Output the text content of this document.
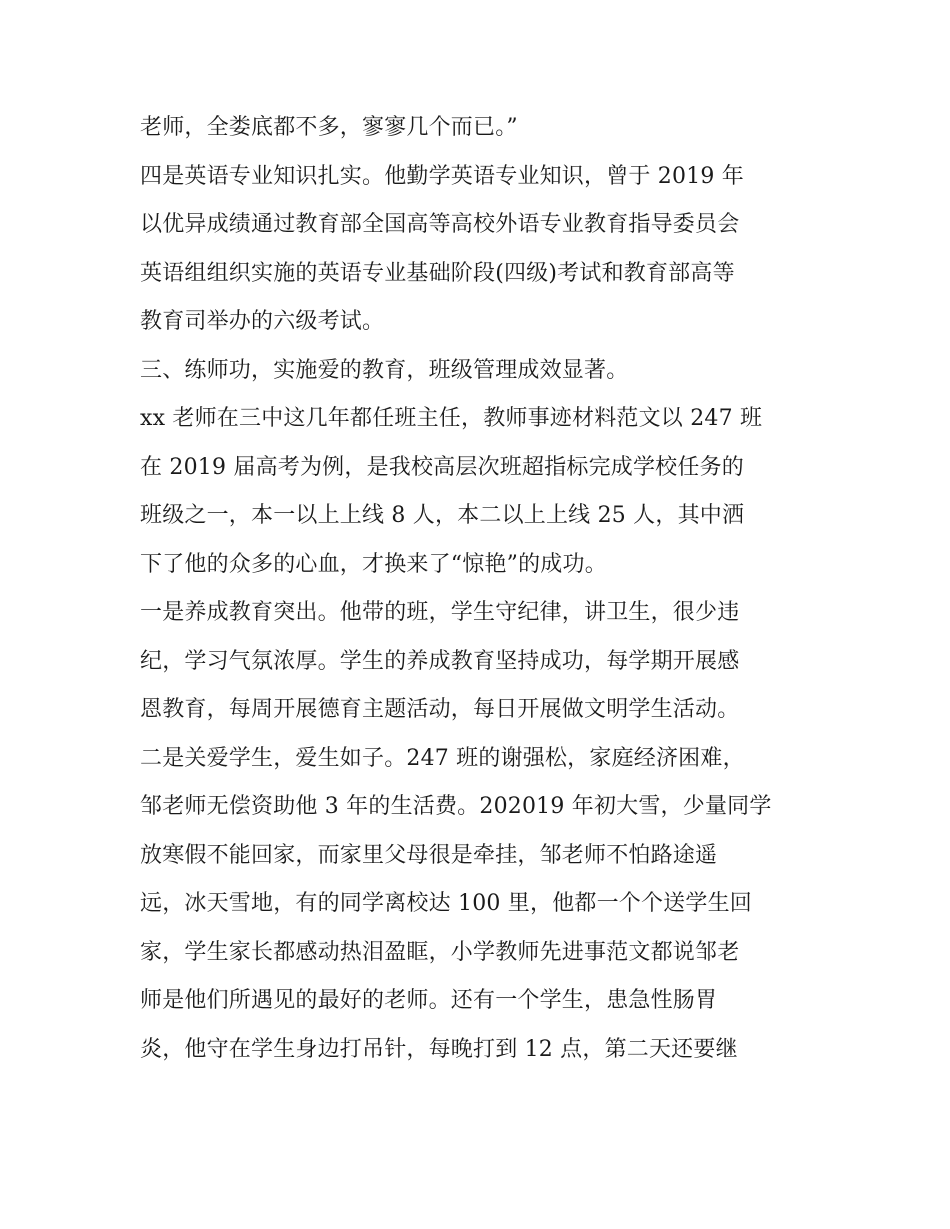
老师，全娄底都不多，寥寥几个而已。”
四是英语专业知识扎实。他勤学英语专业知识，曾于 2019 年
以优异成绩通过教育部全国高等高校外语专业教育指导委员会
英语组组织实施的英语专业基础阶段(四级)考试和教育部高等
教育司举办的六级考试。
三、练师功，实施爱的教育，班级管理成效显著。
xx 老师在三中这几年都任班主任，教师事迹材料范文以 247 班
在 2019 届高考为例，是我校高层次班超指标完成学校任务的
班级之一，本一以上上线 8 人，本二以上上线 25 人，其中洒
下了他的众多的心血，才换来了“惊艳”的成功。
一是养成教育突出。他带的班，学生守纪律，讲卫生，很少违
纪，学习气氛浓厚。学生的养成教育坚持成功，每学期开展感
恩教育，每周开展德育主题活动，每日开展做文明学生活动。
二是关爱学生，爱生如子。247 班的谢强松，家庭经济困难，
邹老师无偿资助他 3 年的生活费。202019 年初大雪，少量同学
放寒假不能回家，而家里父母很是牵挂，邹老师不怕路途遥
远，冰天雪地，有的同学离校达 100 里，他都一个个送学生回
家，学生家长都感动热泪盈眶，小学教师先进事范文都说邹老
师是他们所遇见的最好的老师。还有一个学生，患急性肠胃
炎，他守在学生身边打吊针，每晚打到 12 点，第二天还要继
